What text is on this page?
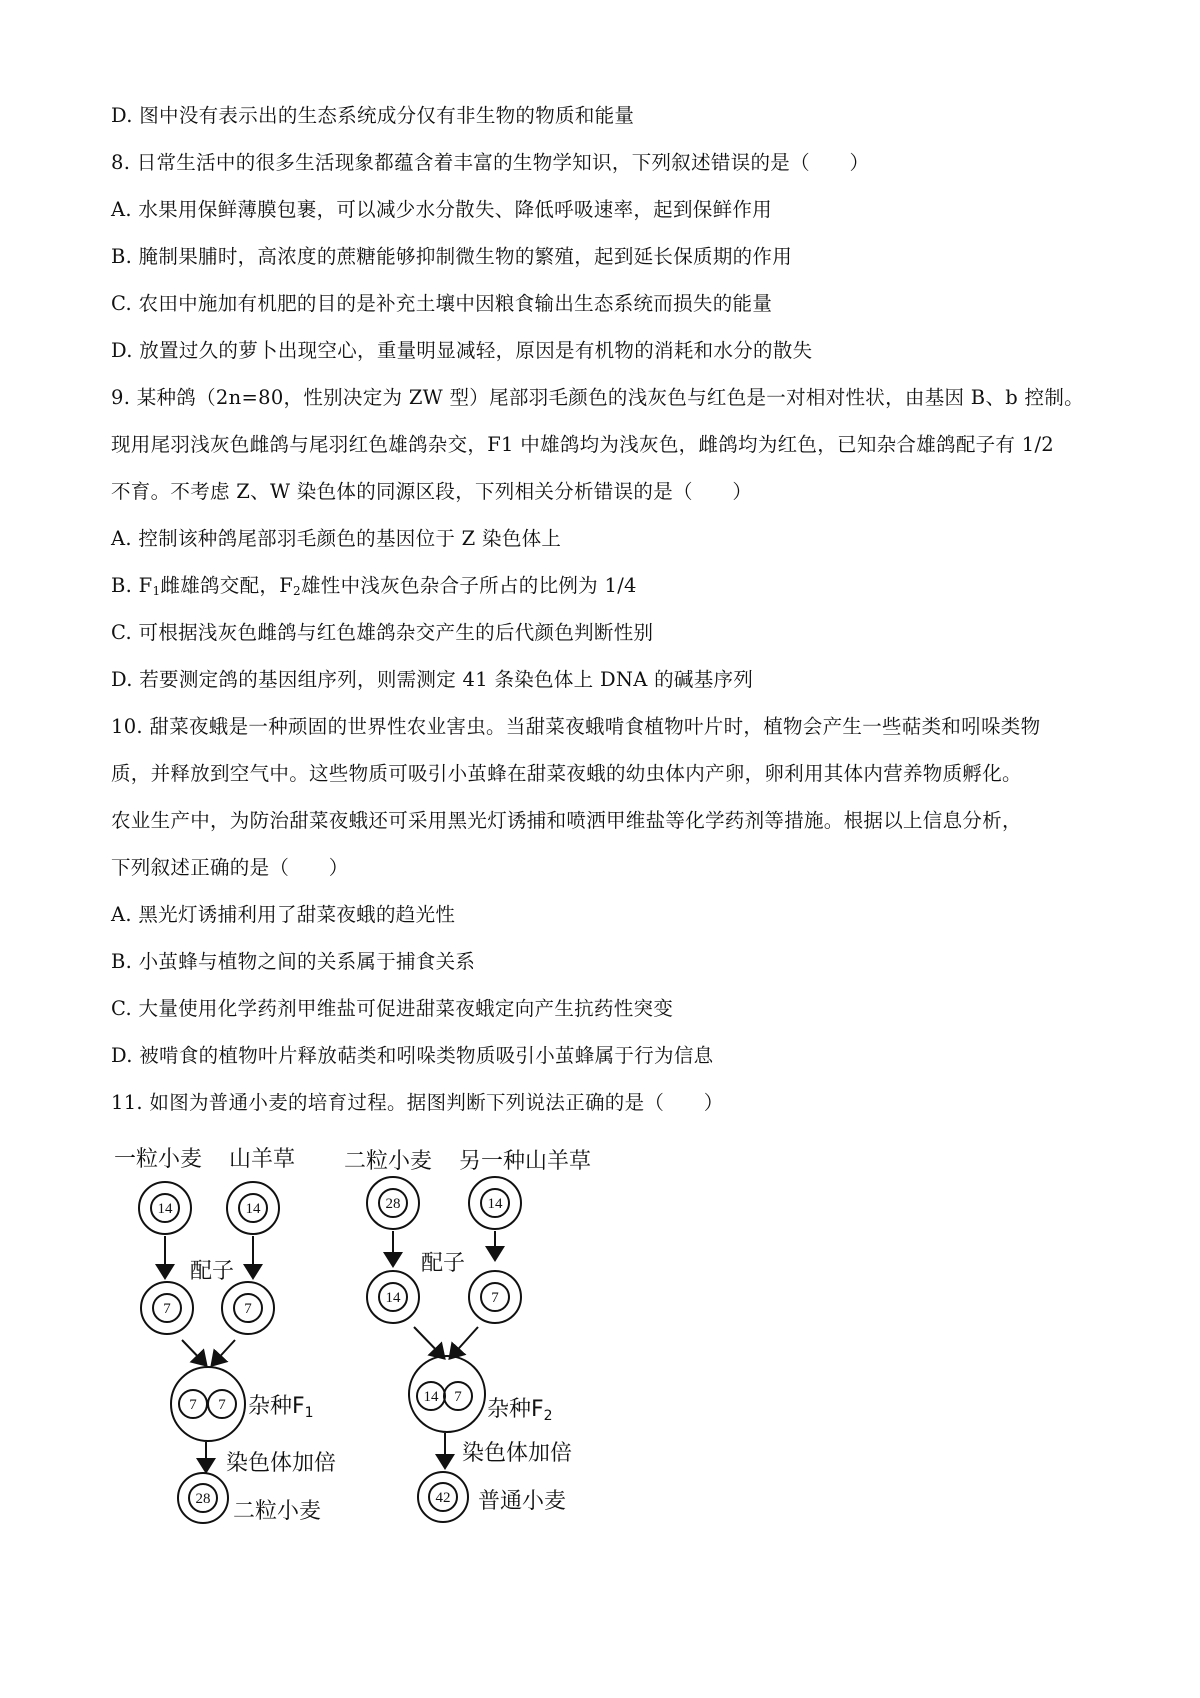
D. 图中没有表示出的生态系统成分仅有非生物的物质和能量
8. 日常生活中的很多生活现象都蕴含着丰富的生物学知识，下列叙述错误的是（　　）
A. 水果用保鲜薄膜包裹，可以减少水分散失、降低呼吸速率，起到保鲜作用
B. 腌制果脯时，高浓度的蔗糖能够抑制微生物的繁殖，起到延长保质期的作用
C. 农田中施加有机肥的目的是补充土壤中因粮食输出生态系统而损失的能量
D. 放置过久的萝卜出现空心，重量明显减轻，原因是有机物的消耗和水分的散失
9. 某种鸽（2n=80，性别决定为 ZW 型）尾部羽毛颜色的浅灰色与红色是一对相对性状，由基因 B、b 控制。
现用尾羽浅灰色雌鸽与尾羽红色雄鸽杂交，F1 中雄鸽均为浅灰色，雌鸽均为红色，已知杂合雄鸽配子有 1/2
不育。不考虑 Z、W 染色体的同源区段，下列相关分析错误的是（　　）
A. 控制该种鸽尾部羽毛颜色的基因位于 Z 染色体上
B. $F_1$雌雄鸽交配，$F_2$雄性中浅灰色杂合子所占的比例为 1/4
C. 可根据浅灰色雌鸽与红色雄鸽杂交产生的后代颜色判断性别
D. 若要测定鸽的基因组序列，则需测定 41 条染色体上 DNA 的碱基序列
10. 甜菜夜蛾是一种顽固的世界性农业害虫。当甜菜夜蛾啃食植物叶片时，植物会产生一些萜类和吲哚类物
质，并释放到空气中。这些物质可吸引小茧蜂在甜菜夜蛾的幼虫体内产卵，卵利用其体内营养物质孵化。
农业生产中，为防治甜菜夜蛾还可采用黑光灯诱捕和喷洒甲维盐等化学药剂等措施。根据以上信息分析，
下列叙述正确的是（　　）
A. 黑光灯诱捕利用了甜菜夜蛾的趋光性
B. 小茧蜂与植物之间的关系属于捕食关系
C. 大量使用化学药剂甲维盐可促进甜菜夜蛾定向产生抗药性突变
D. 被啃食的植物叶片释放萜类和吲哚类物质吸引小茧蜂属于行为信息
11. 如图为普通小麦的培育过程。据图判断下列说法正确的是（　　）
一粒小麦 山羊草
14	14
配子
7	7
7 7
28
二粒小麦 另一种山羊草
28	14
配子
14	7
14 7
42
杂种F1
染色体加倍
二粒小麦
杂种F2
染色体加倍
普通小麦
